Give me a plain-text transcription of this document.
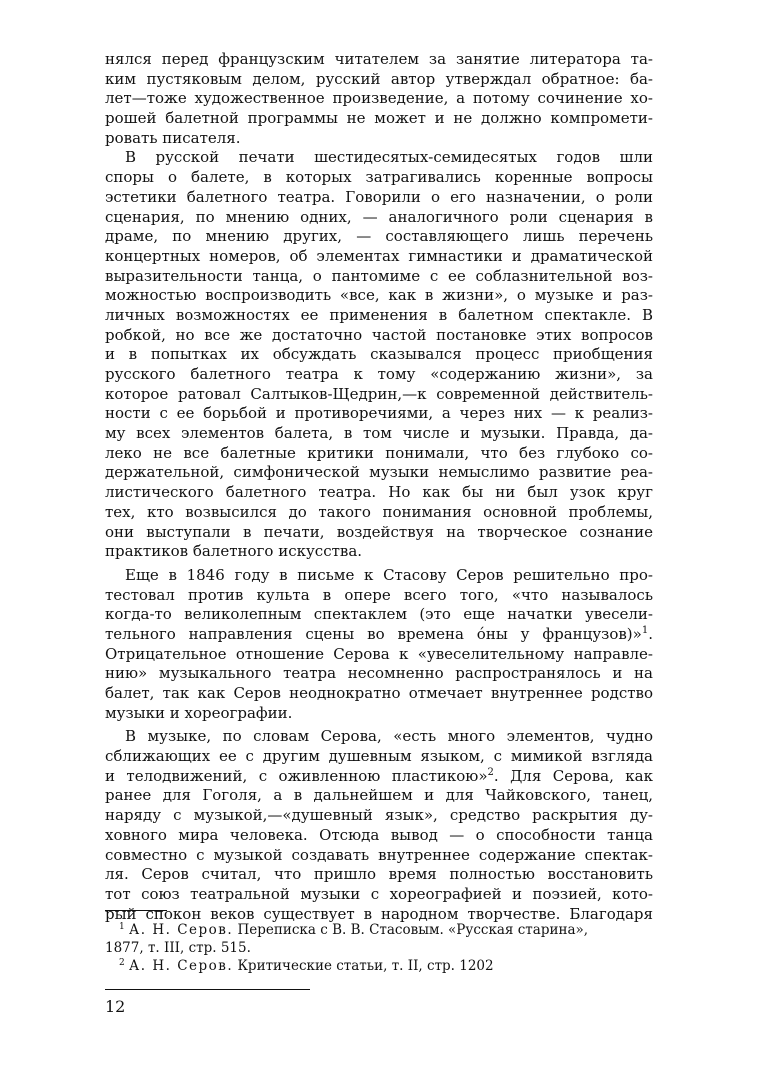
нялся перед французским читателем за занятие литератора та-
ким пустяковым делом, русский автор утверждал обратное: ба-
лет—тоже художественное произведение, а потому сочинение хо-
рошей балетной программы не может и не должно компромети-
ровать писателя.
В русской печати шестидесятых-семидесятых годов шли
споры о балете, в которых затрагивались коренные вопросы
эстетики балетного театра. Говорили о его назначении, о роли
сценария, по мнению одних, — аналогичного роли сценария в
драме, по мнению других, — составляющего лишь перечень
концертных номеров, об элементах гимнастики и драматической
выразительности танца, о пантомиме с ее соблазнительной воз-
можностью воспроизводить «все, как в жизни», о музыке и раз-
личных возможностях ее применения в балетном спектакле. В
робкой, но все же достаточно частой постановке этих вопросов
и в попытках их обсуждать сказывался процесс приобщения
русского балетного театра к тому «содержанию жизни», за
которое ратовал Салтыков-Щедрин,—к современной действитель-
ности с ее борьбой и противоречиями, а через них — к реализ-
му всех элементов балета, в том числе и музыки. Правда, да-
леко не все балетные критики понимали, что без глубоко со-
держательной, симфонической музыки немыслимо развитие реа-
листического балетного театра. Но как бы ни был узок круг
тех, кто возвысился до такого понимания основной проблемы,
они выступали в печати, воздействуя на творческое сознание
практиков балетного искусства.
Еще в 1846 году в письме к Стасову Серов решительно про-
тестовал против культа в опере всего того, «что называлось
когда-то великолепным спектаклем (это еще начатки увесели-
тельного направления сцены во времена óны у французов)»$^1$.
Отрицательное отношение Серова к «увеселительному направле-
нию» музыкального театра несомненно распространялось и на
балет, так как Серов неоднократно отмечает внутреннее родство
музыки и хореографии.
В музыке, по словам Серова, «есть много элементов, чудно
сближающих ее с другим душевным языком, с мимикой взгляда
и телодвижений, с оживленною пластикою»$^2$. Для Серова, как
ранее для Гоголя, а в дальнейшем и для Чайковского, танец,
наряду с музыкой,—«душевный язык», средство раскрытия ду-
ховного мира человека. Отсюда вывод — о способности танца
совместно с музыкой создавать внутреннее содержание спектак-
ля. Серов считал, что пришло время полностью восстановить
тот союз театральной музыки с хореографией и поэзией, кото-
рый спокон веков существует в народном творчестве. Благодаря
$^1$ А. Н. Серов. Переписка с В. В. Стасовым. «Русская старина»,
1877, т. III, стр. 515.
$^2$ А. Н. Серов. Критические статьи, т. II, стр. 1202
12
